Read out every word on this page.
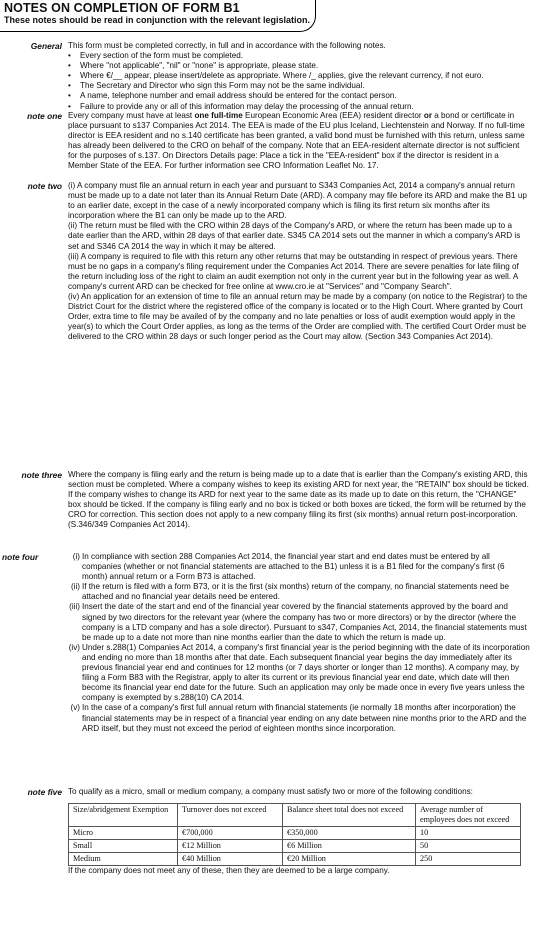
NOTES ON COMPLETION OF FORM B1
These notes should be read in conjunction with the relevant legislation.
General This form must be completed correctly, in full and in accordance with the following notes.

• Every section of the form must be completed.
• Where "not applicable", "nil" or "none" is appropriate, please state.
• Where €/__ appear, please insert/delete as appropriate. Where /_ applies, give the relevant currency, if not euro.
• The Secretary and Director who sign this Form may not be the same individual.
• A name, telephone number and email address should be entered for the contact person.
• Failure to provide any or all of this information may delay the processing of the annual return.
note one Every company must have at least one full-time European Economic Area (EEA) resident director or a bond or certificate in place pursuant to s137 Companies Act 2014. The EEA is made of the EU plus Iceland, Liechtenstein and Norway. If no full-time director is EEA resident and no s.140 certificate has been granted, a valid bond must be furnished with this return, unless same has already been delivered to the CRO on behalf of the company. Note that an EEA-resident alternate director is not sufficient for the purposes of s.137. On Directors Details page: Place a tick in the "EEA-resident" box if the director is resident in a Member State of the EEA. For further information see CRO Information Leaflet No. 17.

note two (i) A company must file an annual return in each year and pursuant to S343 Companies Act, 2014 a company's annual return must be made up to a date not later than its Annual Return Date (ARD). A company may file before its ARD and make the B1 up to an earlier date, except in the case of a newly incorporated company which is filing its first return six months after its incorporation where the B1 can only be made up to the ARD.

(ii) The return must be filed with the CRO within 28 days of the Company's ARD, or where the return has been made up to a date earlier than the ARD, within 28 days of that earlier date. S345 CA 2014 sets out the manner in which a company's ARD is set and S346 CA 2014 the way in which it may be altered.

(iii) A company is required to file with this return any other returns that may be outstanding in respect of previous years. There must be no gaps in a company's filing requirement under the Companies Act 2014. There are severe penalties for late filing of the return including loss of the right to claim an audit exemption not only in the current year but in the following year as well. A company's current ARD can be checked for free online at www.cro.ie at "Services" and "Company Search".

(iv) An application for an extension of time to file an annual return may be made by a company (on notice to the Registrar) to the District Court for the district where the registered office of the company is located or to the High Court. Where granted by Court Order, extra time to file may be availed of by the company and no late penalties or loss of audit exemption would apply in the year(s) to which the Court Order applies, as long as the terms of the Order are complied with. The certified Court Order must be delivered to the CRO within 28 days or such longer period as the Court may allow. (Section 343 Companies Act 2014).

note three Where the company is filing early and the return is being made up to a date that is earlier than the Company's existing ARD, this section must be completed. Where a company wishes to keep its existing ARD for next year, the "RETAIN" box should be ticked. If the company wishes to change its ARD for next year to the same date as its made up to date on this return, the "CHANGE" box should be ticked. If the company is filing early and no box is ticked or both boxes are ticked, the form will be returned by the CRO for correction. This section does not apply to a new company filing its first (six months) annual return post-incorporation. (S.346/349 Companies Act 2014).

note four	(i) In compliance with section 288 Companies Act 2014, the financial year start and end dates must be entered by all companies (whether or not financial statements are attached to the B1) unless it is a B1 filed for the company's first (6 month) annual return or a Form B73 is attached.
(ii) If the return is filed with a form B73, or it is the first (six months) return of the company, no financial statements need be attached and no financial year details need be entered.
(iii) Insert the date of the start and end of the financial year covered by the financial statements approved by the board and signed by two directors for the relevant year (where the company has two or more directors) or by the director (where the company is a LTD company and has a sole director). Pursuant to s347, Companies Act, 2014, the financial statements must be made up to a date not more than nine months earlier than the date to which the return is made up.
(iv) Under s.288(1) Companies Act 2014, a company's first financial year is the period beginning with the date of its incorporation and ending no more than 18 months after that date. Each subsequent financial year begins the day immediately after its previous financial year end and continues for 12 months (or 7 days shorter or longer than 12 months). A company may, by filing a Form B83 with the Registrar, apply to alter its current or its previous financial year end date, which date will then become its financial year end date for the future. Such an application may only be made once in every five years unless the company is exempted by s.288(10) CA 2014.
(v) In the case of a company's first full annual return with financial statements (ie normally 18 months after incorporation) the financial statements may be in respect of a financial year ending on any date between nine months prior to the ARD and the ARD itself, but they must not exceed the period of eighteen months since incorporation.
note five To qualify as a micro, small or medium company, a company must satisfy two or more of the following conditions:

Size/abridgement Exemption	Turnover does not exceed	Balance sheet total does not exceed	Average number of employees does not exceed
Micro	€700,000	€350,000	10
Small	€12 Million	€6 Million	50
Medium	€40 Million	€20 Million	250

If the company does not meet any of these, then they are deemed to be a large company.
